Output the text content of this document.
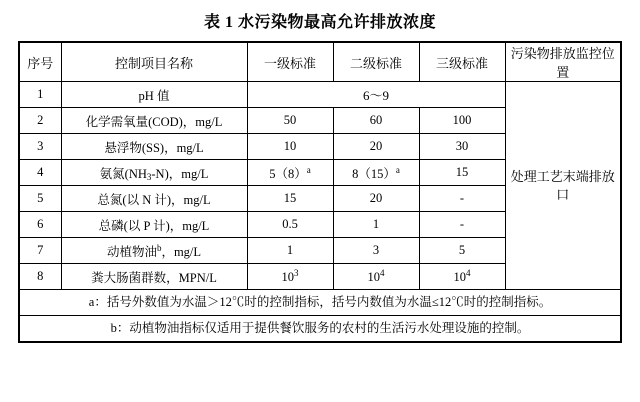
表 1 水污染物最高允许排放浓度
序号	控制项目名称	一级标准	二级标准	三级标准	污染物排放监控位置
1	pH 值	6～9			处理工艺末端排放口
2	化学需氧量(COD)，mg/L	50	60	100	
3	悬浮物(SS)，mg/L	10	20	30	
4	氨氮$(NH_3-N)$，mg/L	$5(8)^a$	$8(15)^a$	15	
5	总氮(以 N 计)，mg/L	15	20	-	
6	总磷(以 P 计)，mg/L	0.5	1	-	
7	动植物油$^b$，mg/L	1	3	5	
8	粪大肠菌群数，MPN/L	$10^3$	$10^4$	$10^4$
a：括号外数值为水温＞12℃时的控制指标，括号内数值为水温≤12℃时的控制指标。					
b：动植物油指标仅适用于提供餐饮服务的农村的生活污水处理设施的控制。					
